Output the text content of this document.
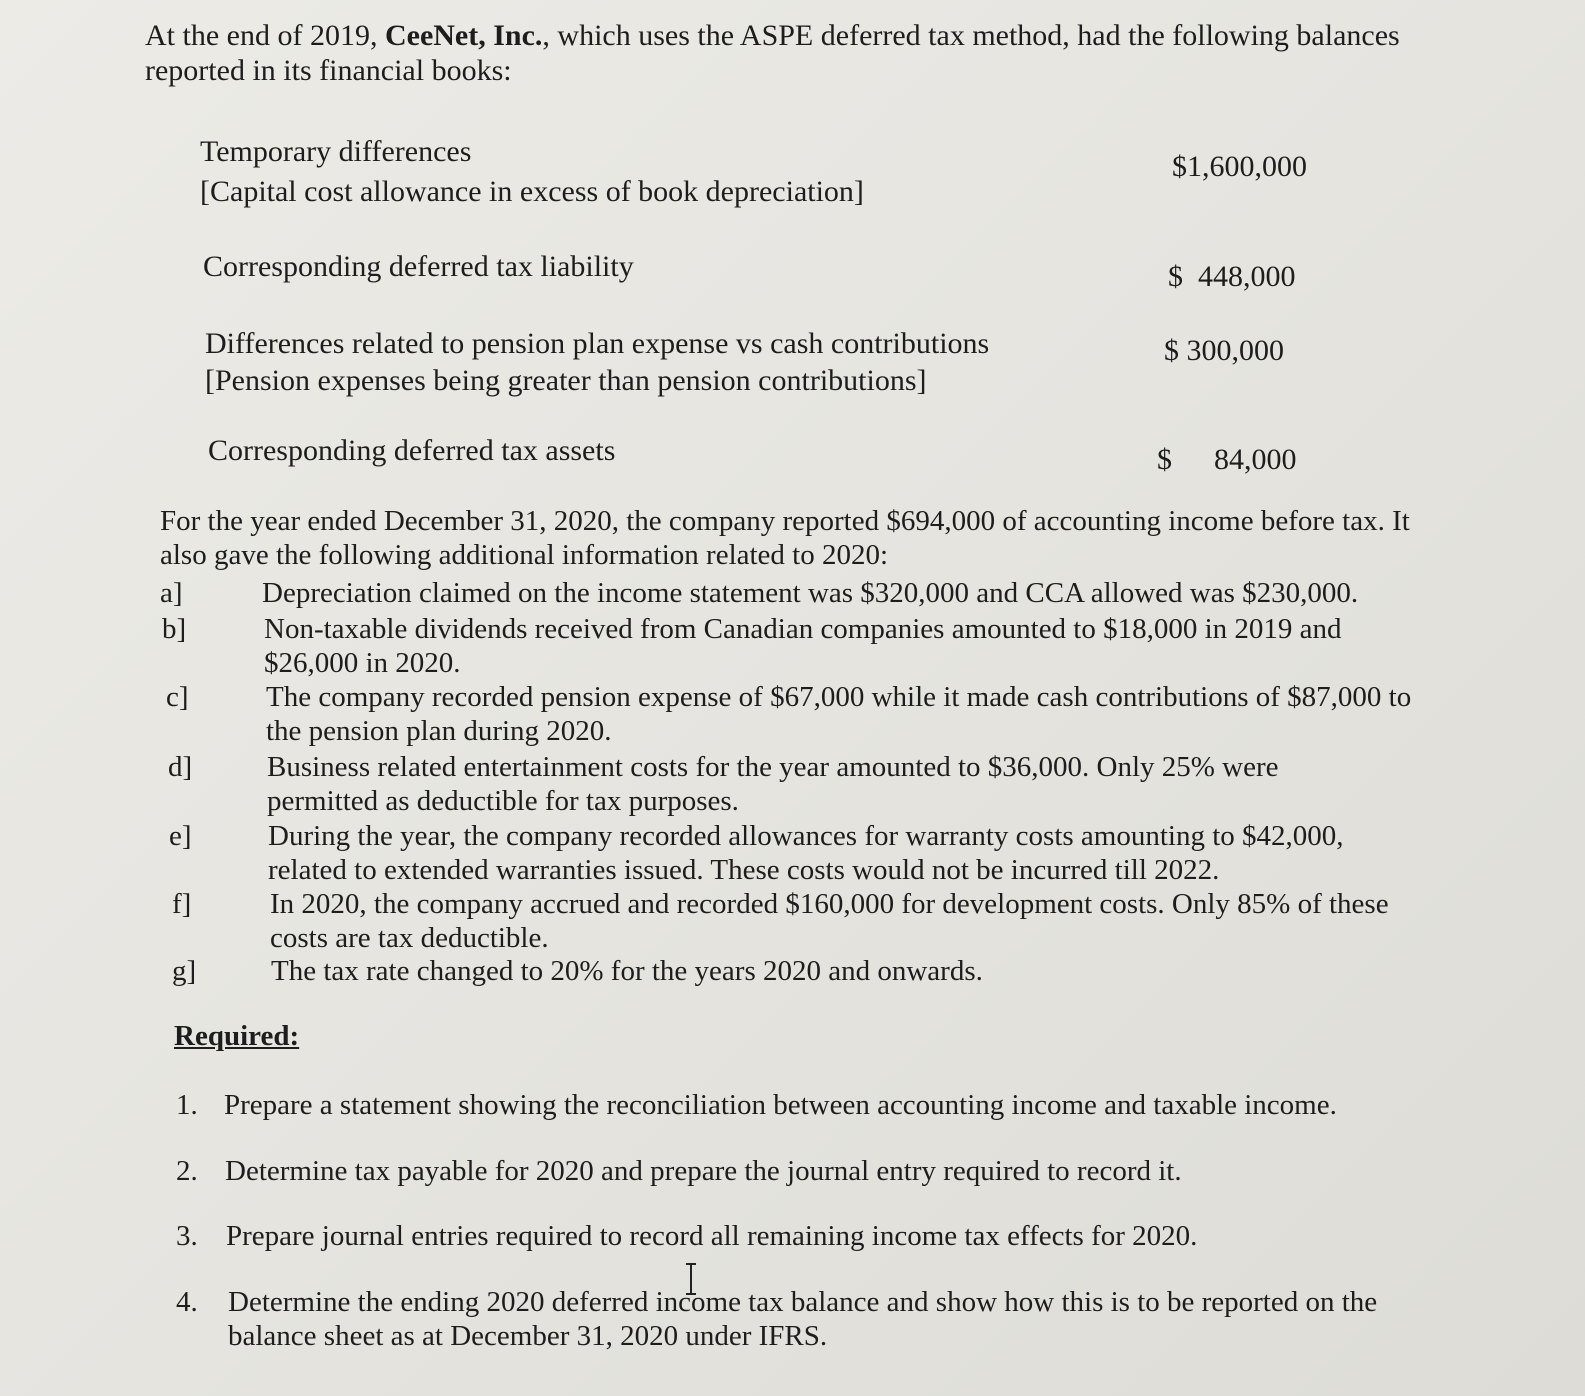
At the end of 2019, CeeNet, Inc., which uses the ASPE deferred tax method, had the following balances reported in its financial books:
Temporary differences
[Capital cost allowance in excess of book depreciation]
$1,600,000
Corresponding deferred tax liability	$  448,000
Differences related to pension plan expense vs cash contributions
[Pension expenses being greater than pension contributions]
$ 300,000
Corresponding deferred tax assets	$ 84,000
For the year ended December 31, 2020, the company reported $694,000 of accounting income before tax. It also gave the following additional information related to 2020:
a]	Depreciation claimed on the income statement was $320,000 and CCA allowed was $230,000.
b]	Non-taxable dividends received from Canadian companies amounted to $18,000 in 2019 and $26,000 in 2020.
c]	The company recorded pension expense of $67,000 while it made cash contributions of $87,000 to the pension plan during 2020.
d]	Business related entertainment costs for the year amounted to $36,000. Only 25% were permitted as deductible for tax purposes.
e]	During the year, the company recorded allowances for warranty costs amounting to $42,000, related to extended warranties issued. These costs would not be incurred till 2022.
f]	In 2020, the company accrued and recorded $160,000 for development costs. Only 85% of these costs are tax deductible.
g]	The tax rate changed to 20% for the years 2020 and onwards.
Required:
1. Prepare a statement showing the reconciliation between accounting income and taxable income.
2. Determine tax payable for 2020 and prepare the journal entry required to record it.
3. Prepare journal entries required to record all remaining income tax effects for 2020.
4. Determine the ending 2020 deferred income tax balance and show how this is to be reported on the balance sheet as at December 31, 2020 under IFRS.
